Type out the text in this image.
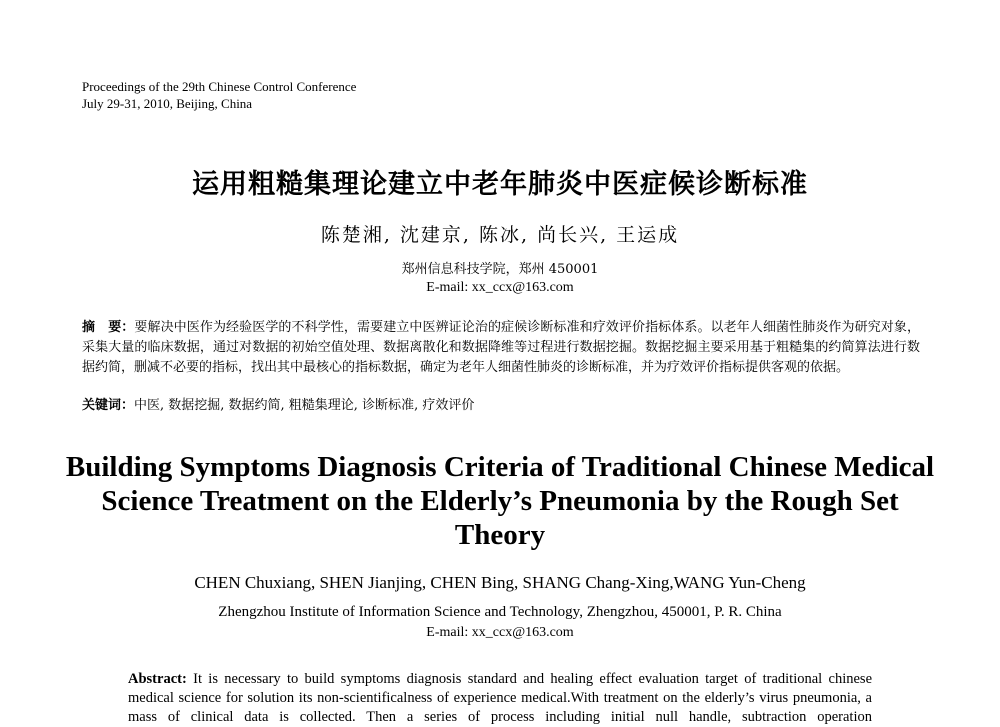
Proceedings of the 29th Chinese Control Conference
July 29-31, 2010, Beijing, China
运用粗糙集理论建立中老年肺炎中医症候诊断标准
陈楚湘, 沈建京, 陈冰, 尚长兴, 王运成
郑州信息科技学院，郑州 450001
E-mail: xx_ccx@163.com
摘　要：要解决中医作为经验医学的不科学性，需要建立中医辨证论治的症候诊断标准和疗效评价指标体系。以老年人细菌性肺炎作为研究对象，采集大量的临床数据，通过对数据的初始空值处理、数据离散化和数据降维等过程进行数据挖掘。数据挖掘主要采用基于粗糙集的约简算法进行数据约简，删减不必要的指标，找出其中最核心的指标数据，确定为老年人细菌性肺炎的诊断标准，并为疗效评价指标提供客观的依据。
关键词：中医, 数据挖掘, 数据约简, 粗糙集理论, 诊断标准, 疗效评价
Building Symptoms Diagnosis Criteria of Traditional Chinese Medical Science Treatment on the Elderly’s Pneumonia by the Rough Set Theory
CHEN Chuxiang, SHEN Jianjing, CHEN Bing, SHANG Chang-Xing,WANG Yun-Cheng
Zhengzhou Institute of Information Science and Technology, Zhengzhou, 450001, P. R. China
E-mail: xx_ccx@163.com
Abstract: It is necessary to build symptoms diagnosis standard and healing effect evaluation target of traditional chinese medical science for solution its non-scientificalness of experience medical.With treatment on the elderly’s virus pneumonia, a mass of clinical data is collected. Then a series of process including initial null handle, subtraction operation
